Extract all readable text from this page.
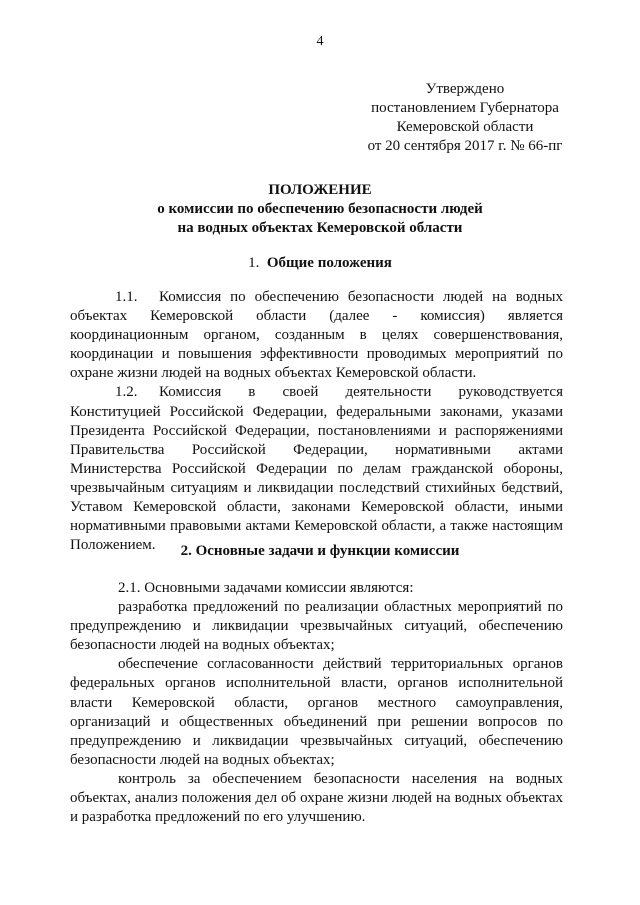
4
Утверждено
постановлением Губернатора
Кемеровской области
от 20 сентября 2017 г. № 66-пг
ПОЛОЖЕНИЕ
о комиссии по обеспечению безопасности людей
на водных объектах Кемеровской области
1. Общие положения

1.1. Комиссия по обеспечению безопасности людей на водных объектах Кемеровской области (далее - комиссия) является координационным органом, созданным в целях совершенствования, координации и повышения эффективности проводимых мероприятий по охране жизни людей на водных объектах Кемеровской области.

1.2. Комиссия в своей деятельности руководствуется Конституцией Российской Федерации, федеральными законами, указами Президента Российской Федерации, постановлениями и распоряжениями Правительства Российской Федерации, нормативными актами Министерства Российской Федерации по делам гражданской обороны, чрезвычайным ситуациям и ликвидации последствий стихийных бедствий, Уставом Кемеровской области, законами Кемеровской области, иными нормативными правовыми актами Кемеровской области, а также настоящим Положением.	2. Основные задачи и функции комиссии

2.1. Основными задачами комиссии являются:

разработка предложений по реализации областных мероприятий по предупреждению и ликвидации чрезвычайных ситуаций, обеспечению безопасности людей на водных объектах;

обеспечение согласованности действий территориальных органов федеральных органов исполнительной власти, органов исполнительной власти Кемеровской области, органов местного самоуправления, организаций и общественных объединений при решении вопросов по предупреждению и ликвидации чрезвычайных ситуаций, обеспечению безопасности людей на водных объектах;

контроль за обеспечением безопасности населения на водных объектах, анализ положения дел об охране жизни людей на водных объектах и разработка предложений по его улучшению.
